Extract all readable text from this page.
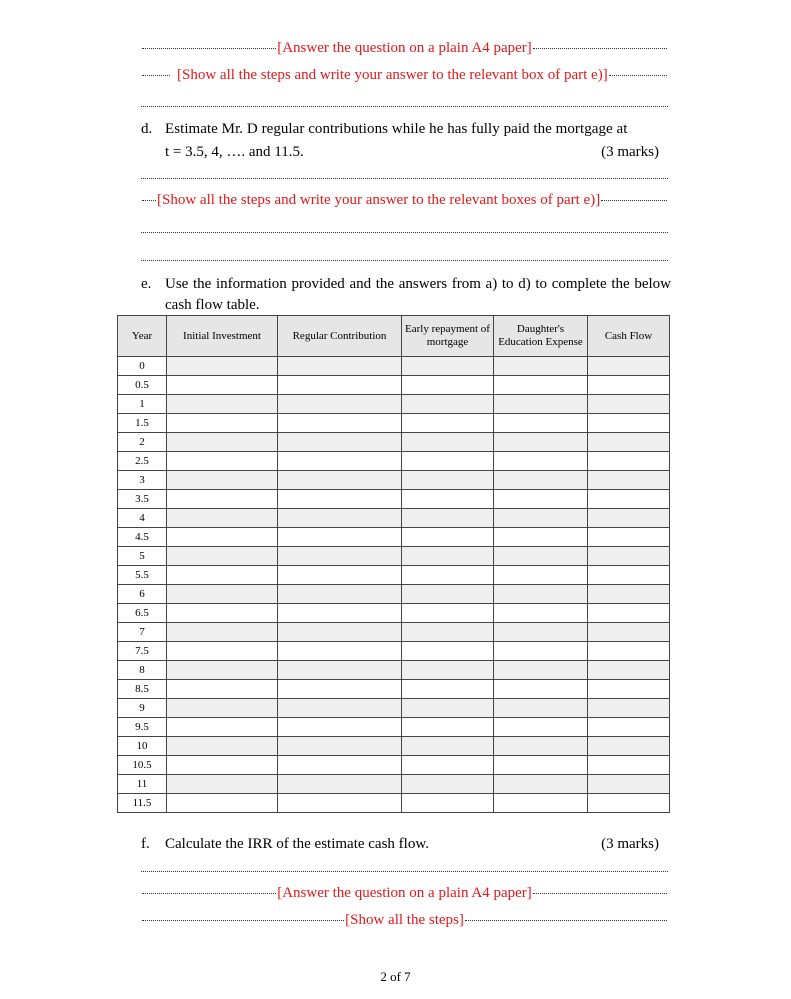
[Answer the question on a plain A4 paper]
[Show all the steps and write your answer to the relevant box of part e)]
d. Estimate Mr. D regular contributions while he has fully paid the mortgage at
t = 3.5, 4, …. and 11.5.	(3 marks)
[Show all the steps and write your answer to the relevant boxes of part e)]
e. Use the information provided and the answers from a) to d) to complete the below cash flow table.
Year	Initial Investment	Regular Contribution	Early repayment of mortgage	Daughter's Education Expense	Cash Flow
0					
0.5					
1					
1.5					
2					
2.5					
3					
3.5					
4					
4.5					
5					
5.5					
6					
6.5					
7					
7.5					
8					
8.5					
9					
9.5					
10					
10.5					
11					
11.5					
f. Calculate the IRR of the estimate cash flow.	(3 marks)
[Answer the question on a plain A4 paper]
[Show all the steps]
2 of 7
